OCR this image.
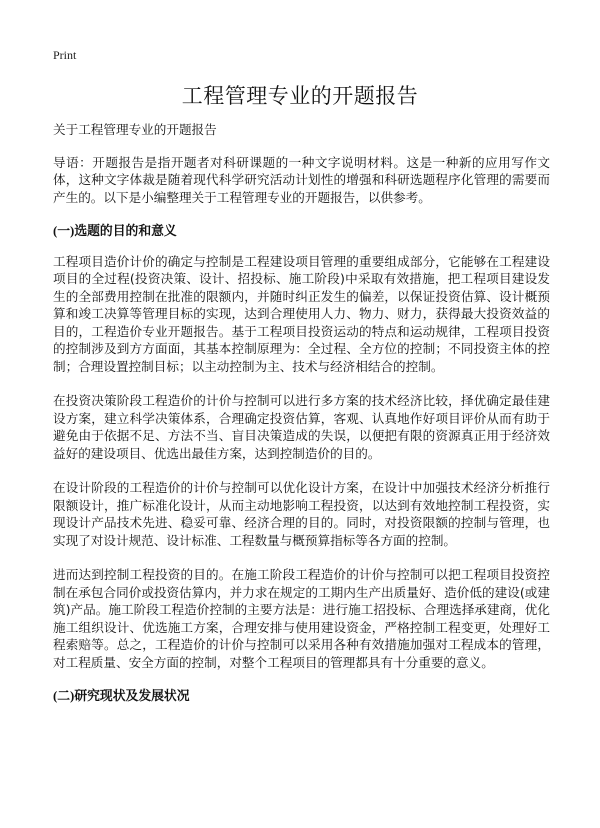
Print
工程管理专业的开题报告

关于工程管理专业的开题报告

导语：开题报告是指开题者对科研课题的一种文字说明材料。这是一种新的应用写作文体，这种文字体裁是随着现代科学研究活动计划性的增强和科研选题程序化管理的需要而产生的。以下是小编整理关于工程管理专业的开题报告，以供参考。

(一)选题的目的和意义

工程项目造价计价的确定与控制是工程建设项目管理的重要组成部分，它能够在工程建设项目的全过程(投资决策、设计、招投标、施工阶段)中采取有效措施，把工程项目建设发生的全部费用控制在批准的限额内，并随时纠正发生的偏差，以保证投资估算、设计概预算和竣工决算等管理目标的实现，达到合理使用人力、物力、财力，获得最大投资效益的目的，工程造价专业开题报告。基于工程项目投资运动的特点和运动规律，工程项目投资的控制涉及到方方面面，其基本控制原理为：全过程、全方位的控制；不同投资主体的控制；合理设置控制目标；以主动控制为主、技术与经济相结合的控制。

在投资决策阶段工程造价的计价与控制可以进行多方案的技术经济比较，择优确定最佳建设方案，建立科学决策体系，合理确定投资估算，客观、认真地作好项目评价从而有助于避免由于依据不足、方法不当、盲目决策造成的失误，以便把有限的资源真正用于经济效益好的建设项目、优选出最佳方案，达到控制造价的目的。

在设计阶段的工程造价的计价与控制可以优化设计方案，在设计中加强技术经济分析推行限额设计，推广标准化设计，从而主动地影响工程投资，以达到有效地控制工程投资，实现设计产品技术先进、稳妥可靠、经济合理的目的。同时，对投资限额的控制与管理，也实现了对设计规范、设计标准、工程数量与概预算指标等各方面的控制。

进而达到控制工程投资的目的。在施工阶段工程造价的计价与控制可以把工程项目投资控制在承包合同价或投资估算内，并力求在规定的工期内生产出质量好、造价低的建设(或建筑)产品。施工阶段工程造价控制的主要方法是：进行施工招投标、合理选择承建商，优化施工组织设计、优选施工方案，合理安排与使用建设资金，严格控制工程变更，处理好工程索赔等。总之，工程造价的计价与控制可以采用各种有效措施加强对工程成本的管理，对工程质量、安全方面的控制，对整个工程项目的管理都具有十分重要的意义。

(二)研究现状及发展状况
